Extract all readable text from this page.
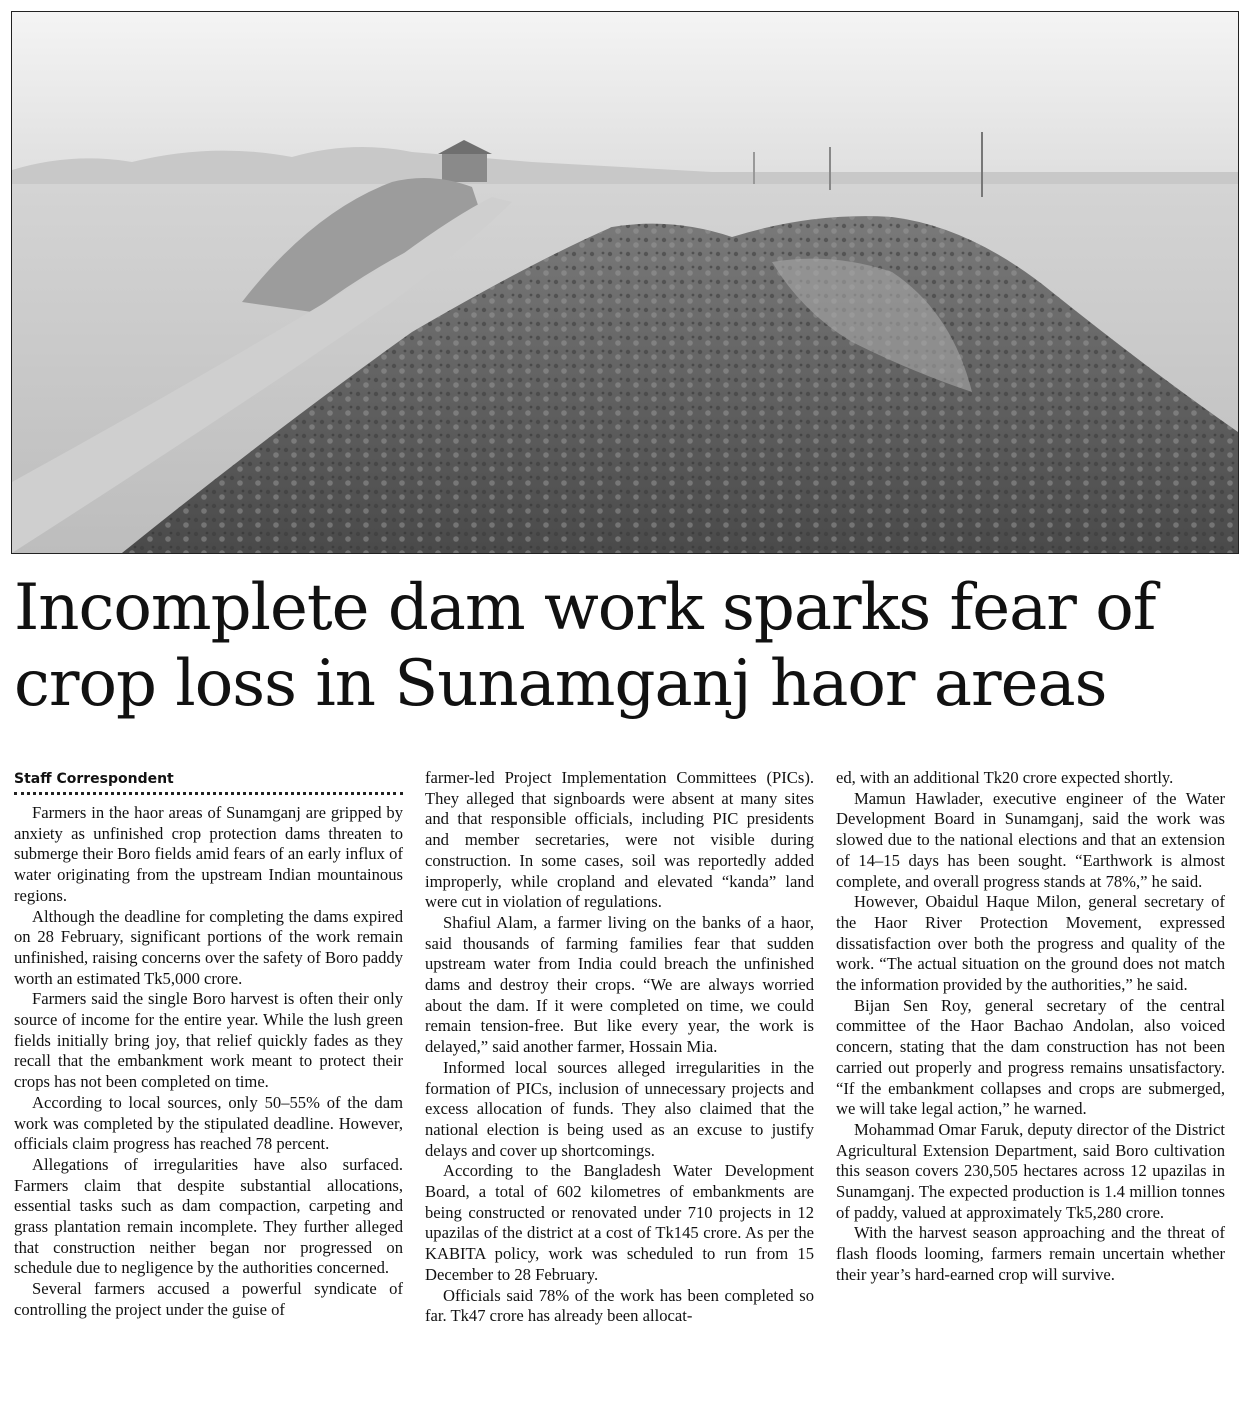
Incomplete dam work sparks fear of crop loss in Sunamganj haor areas

Staff Correspondent

Farmers in the haor areas of Sunamganj are gripped by anxiety as unfinished crop protection dams threaten to submerge their Boro fields amid fears of an early influx of water originating from the upstream Indian mountainous regions.

Although the deadline for completing the dams expired on 28 February, significant portions of the work remain unfinished, raising concerns over the safety of Boro paddy worth an estimated Tk5,000 crore.

Farmers said the single Boro harvest is often their only source of income for the entire year. While the lush green fields initially bring joy, that relief quickly fades as they recall that the embankment work meant to protect their crops has not been completed on time.

According to local sources, only 50–55% of the dam work was completed by the stipulated deadline. However, officials claim progress has reached 78 percent.

Allegations of irregularities have also surfaced. Farmers claim that despite substantial allocations, essential tasks such as dam compaction, carpeting and grass plantation remain incomplete. They further alleged that construction neither began nor progressed on schedule due to negligence by the authorities concerned.

Several farmers accused a powerful syndicate of controlling the project under the guise of

farmer-led Project Implementation Committees (PICs). They alleged that signboards were absent at many sites and that responsible officials, including PIC presidents and member secretaries, were not visible during construction. In some cases, soil was reportedly added improperly, while cropland and elevated “kanda” land were cut in violation of regulations.

Shafiul Alam, a farmer living on the banks of a haor, said thousands of farming families fear that sudden upstream water from India could breach the unfinished dams and destroy their crops. “We are always worried about the dam. If it were completed on time, we could remain tension-free. But like every year, the work is delayed,” said another farmer, Hossain Mia.

Informed local sources alleged irregularities in the formation of PICs, inclusion of unnecessary projects and excess allocation of funds. They also claimed that the national election is being used as an excuse to justify delays and cover up shortcomings.

According to the Bangladesh Water Development Board, a total of 602 kilometres of embankments are being constructed or renovated under 710 projects in 12 upazilas of the district at a cost of Tk145 crore. As per the KABITA policy, work was scheduled to run from 15 December to 28 February.

Officials said 78% of the work has been completed so far. Tk47 crore has already been allocat-

ed, with an additional Tk20 crore expected shortly.

Mamun Hawlader, executive engineer of the Water Development Board in Sunamganj, said the work was slowed due to the national elections and that an extension of 14–15 days has been sought. “Earthwork is almost complete, and overall progress stands at 78%,” he said.

However, Obaidul Haque Milon, general secretary of the Haor River Protection Movement, expressed dissatisfaction over both the progress and quality of the work. “The actual situation on the ground does not match the information provided by the authorities,” he said.

Bijan Sen Roy, general secretary of the central committee of the Haor Bachao Andolan, also voiced concern, stating that the dam construction has not been carried out properly and progress remains unsatisfactory. “If the embankment collapses and crops are submerged, we will take legal action,” he warned.

Mohammad Omar Faruk, deputy director of the District Agricultural Extension Department, said Boro cultivation this season covers 230,505 hectares across 12 upazilas in Sunamganj. The expected production is 1.4 million tonnes of paddy, valued at approximately Tk5,280 crore.

With the harvest season approaching and the threat of flash floods looming, farmers remain uncertain whether their year’s hard-earned crop will survive.
